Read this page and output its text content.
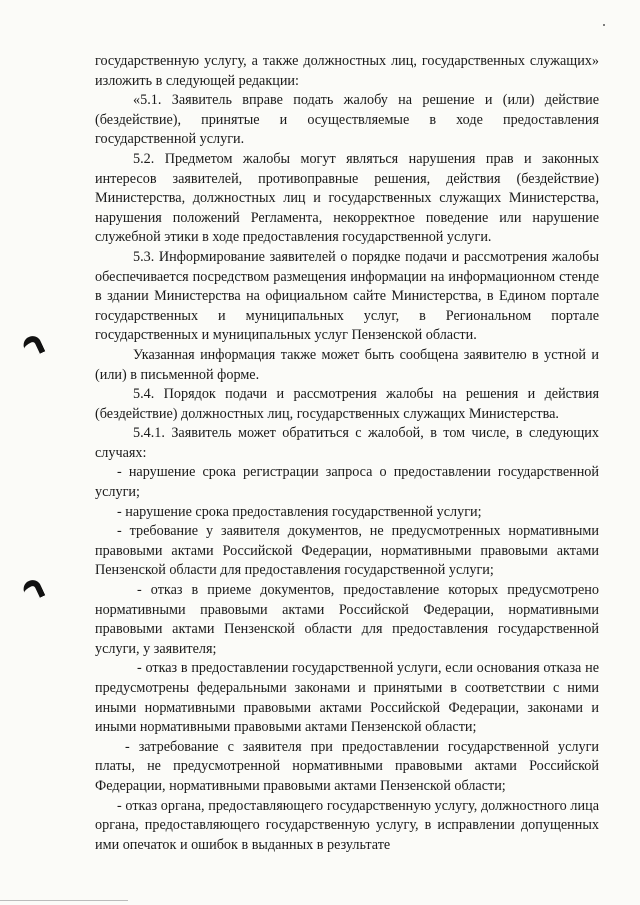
государственную услугу, а также должностных лиц, государственных служащих» изложить в следующей редакции:

«5.1. Заявитель вправе подать жалобу на решение и (или) действие (бездействие), принятые и осуществляемые в ходе предоставления государственной услуги.

5.2. Предметом жалобы могут являться нарушения прав и законных интересов заявителей, противоправные решения, действия (бездействие) Министерства, должностных лиц и государственных служащих Министерства, нарушения положений Регламента, некорректное поведение или нарушение служебной этики в ходе предоставления государственной услуги.

5.3. Информирование заявителей о порядке подачи и рассмотрения жалобы обеспечивается посредством размещения информации на информационном стенде в здании Министерства на официальном сайте Министерства, в Едином портале государственных и муниципальных услуг, в Региональном портале государственных и муниципальных услуг Пензенской области.

Указанная информация также может быть сообщена заявителю в устной и (или) в письменной форме.

5.4. Порядок подачи и рассмотрения жалобы на решения и действия (бездействие) должностных лиц, государственных служащих Министерства.

5.4.1. Заявитель может обратиться с жалобой, в том числе, в следующих случаях:

- нарушение срока регистрации запроса о предоставлении государственной услуги;

- нарушение срока предоставления государственной услуги;

- требование у заявителя документов, не предусмотренных нормативными правовыми актами Российской Федерации, нормативными правовыми актами Пензенской области для предоставления государственной услуги;

- отказ в приеме документов, предоставление которых предусмотрено нормативными правовыми актами Российской Федерации, нормативными правовыми актами Пензенской области для предоставления государственной услуги, у заявителя;

- отказ в предоставлении государственной услуги, если основания отказа не предусмотрены федеральными законами и принятыми в соответствии с ними иными нормативными правовыми актами Российской Федерации, законами и иными нормативными правовыми актами Пензенской области;

- затребование с заявителя при предоставлении государственной услуги платы, не предусмотренной нормативными правовыми актами Российской Федерации, нормативными правовыми актами Пензенской области;

- отказ органа, предоставляющего государственную услугу, должностного лица органа, предоставляющего государственную услугу, в исправлении допущенных ими опечаток и ошибок в выданных в результате
